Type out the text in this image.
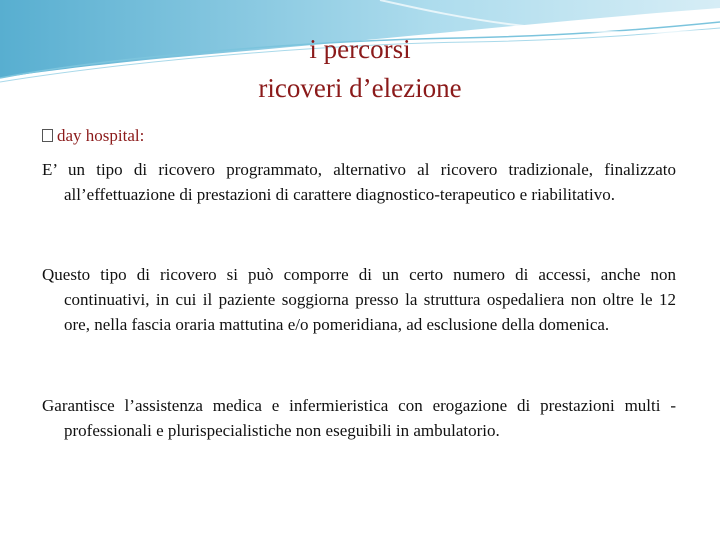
i percorsi
ricoveri d’elezione
day hospital:
E’ un tipo di ricovero programmato, alternativo al ricovero tradizionale, finalizzato all’effettuazione di prestazioni di carattere diagnostico-terapeutico e riabilitativo.
Questo tipo di ricovero si può comporre di un certo numero di accessi, anche non continuativi, in cui il paziente soggiorna presso la struttura ospedaliera non oltre le 12 ore, nella fascia oraria mattutina e/o pomeridiana, ad esclusione della domenica.
Garantisce l’assistenza medica e infermieristica con erogazione di prestazioni multi - professionali e plurispecialistiche non eseguibili in ambulatorio.
